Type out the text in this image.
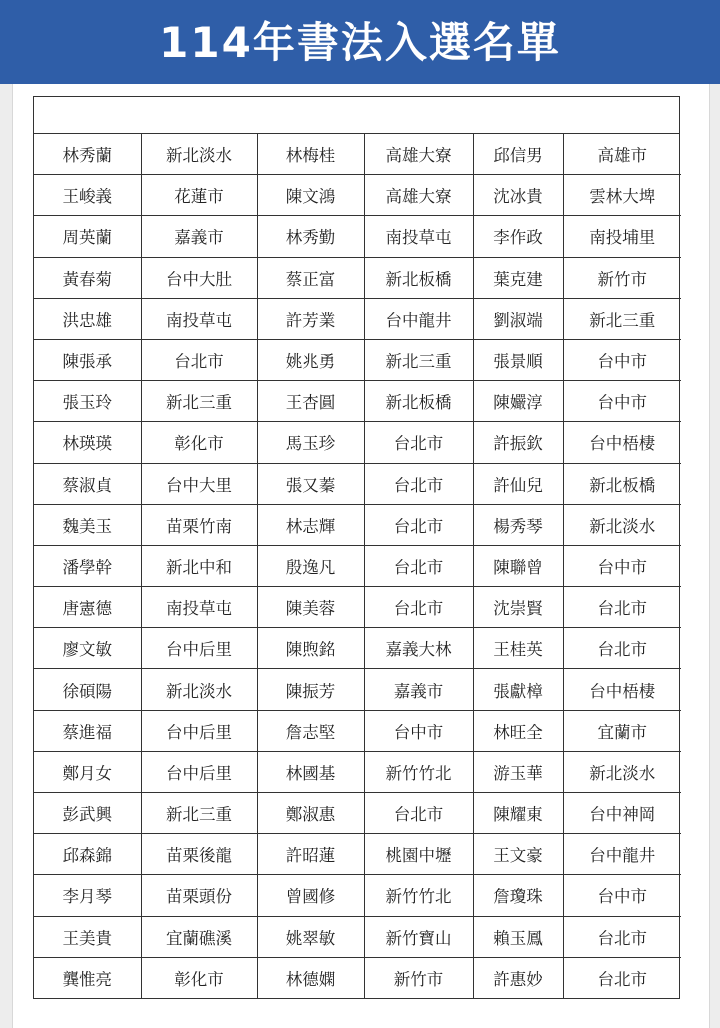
114年書法入選名單
林秀蘭	新北淡水	林梅桂	高雄大寮	邱信男	高雄市
王峻義	花蓮市	陳文鴻	高雄大寮	沈冰貴	雲林大埤
周英蘭	嘉義市	林秀勤	南投草屯	李作政	南投埔里
黃春菊	台中大肚	蔡正富	新北板橋	葉克建	新竹市
洪忠雄	南投草屯	許芳業	台中龍井	劉淑端	新北三重
陳張承	台北市	姚兆勇	新北三重	張景順	台中市
張玉玲	新北三重	王杏圓	新北板橋	陳孍淳	台中市
林瑛瑛	彰化市	馬玉珍	台北市	許振欽	台中梧棲
蔡淑貞	台中大里	張又蓁	台北市	許仙兒	新北板橋
魏美玉	苗栗竹南	林志輝	台北市	楊秀琴	新北淡水
潘學幹	新北中和	殷逸凡	台北市	陳聯曾	台中市
唐憲德	南投草屯	陳美蓉	台北市	沈崇賢	台北市
廖文敏	台中后里	陳煦銘	嘉義大林	王桂英	台北市
徐碩陽	新北淡水	陳振芳	嘉義市	張獻樟	台中梧棲
蔡進福	台中后里	詹志堅	台中市	林旺全	宜蘭市
鄭月女	台中后里	林國基	新竹竹北	游玉華	新北淡水
彭武興	新北三重	鄭淑惠	台北市	陳耀東	台中神岡
邱森錦	苗栗後龍	許昭蓮	桃園中壢	王文豪	台中龍井
李月琴	苗栗頭份	曾國修	新竹竹北	詹瓊珠	台中市
王美貴	宜蘭礁溪	姚翠敏	新竹寶山	賴玉鳳	台北市
龔惟亮	彰化市	林德嫻	新竹市	許惠妙	台北市
